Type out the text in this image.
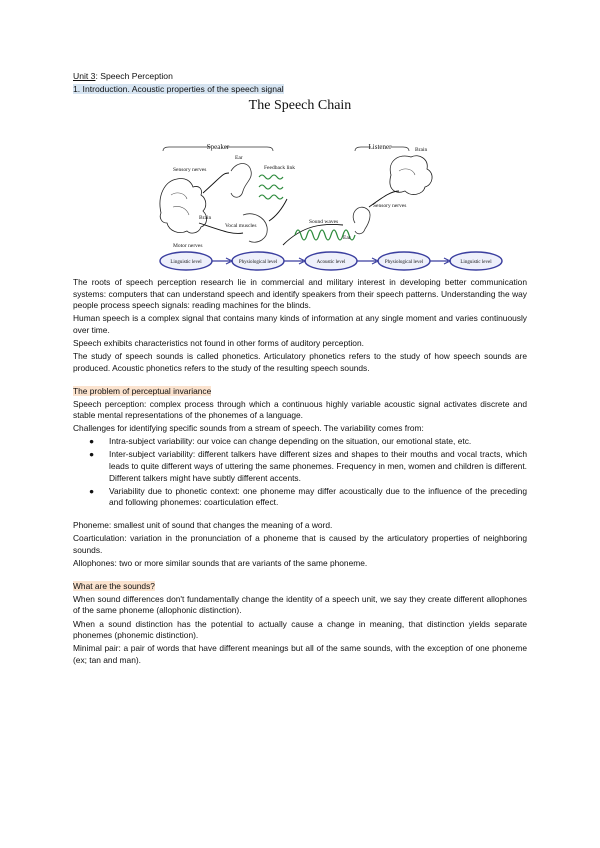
Unit 3: Speech Perception
1. Introduction. Acoustic properties of the speech signal
The Speech Chain
Speaker	Listener
Ear
Sensory nerves	Feedback link
Brain
Vocal muscles
Motor nerves
Sound waves
Brain
Sensory nerves
Ear
Linguistic level	Physiological level	Acoustic level	Physiological level	Linguistic level

The roots of speech perception research lie in commercial and military interest in developing better communication systems: computers that can understand speech and identify speakers from their speech patterns. Understanding the way people process speech signals: reading machines for the blinds.

Human speech is a complex signal that contains many kinds of information at any single moment and varies continuously over time.

Speech exhibits characteristics not found in other forms of auditory perception.

The study of speech sounds is called phonetics. Articulatory phonetics refers to the study of how speech sounds are produced. Acoustic phonetics refers to the study of the resulting speech sounds.

The problem of perceptual invariance

Speech perception: complex process through which a continuous highly variable acoustic signal activates discrete and stable mental representations of the phonemes of a language.

Challenges for identifying specific sounds from a stream of speech. The variability comes from:

● Intra-subject variability: our voice can change depending on the situation, our emotional state, etc.
● Inter-subject variability: different talkers have different sizes and shapes to their mouths and vocal tracts, which leads to quite different ways of uttering the same phonemes. Frequency in men, women and children is different. Different talkers might have subtly different accents.
● Variability due to phonetic context: one phoneme may differ acoustically due to the influence of the preceding and following phonemes: coarticulation effect.

Phoneme: smallest unit of sound that changes the meaning of a word.

Coarticulation: variation in the pronunciation of a phoneme that is caused by the articulatory properties of neighboring sounds.

Allophones: two or more similar sounds that are variants of the same phoneme.

What are the sounds?

When sound differences don't fundamentally change the identity of a speech unit, we say they create different allophones of the same phoneme (allophonic distinction).

When a sound distinction has the potential to actually cause a change in meaning, that distinction yields separate phonemes (phonemic distinction).

Minimal pair: a pair of words that have different meanings but all of the same sounds, with the exception of one phoneme (ex; tan and man).
